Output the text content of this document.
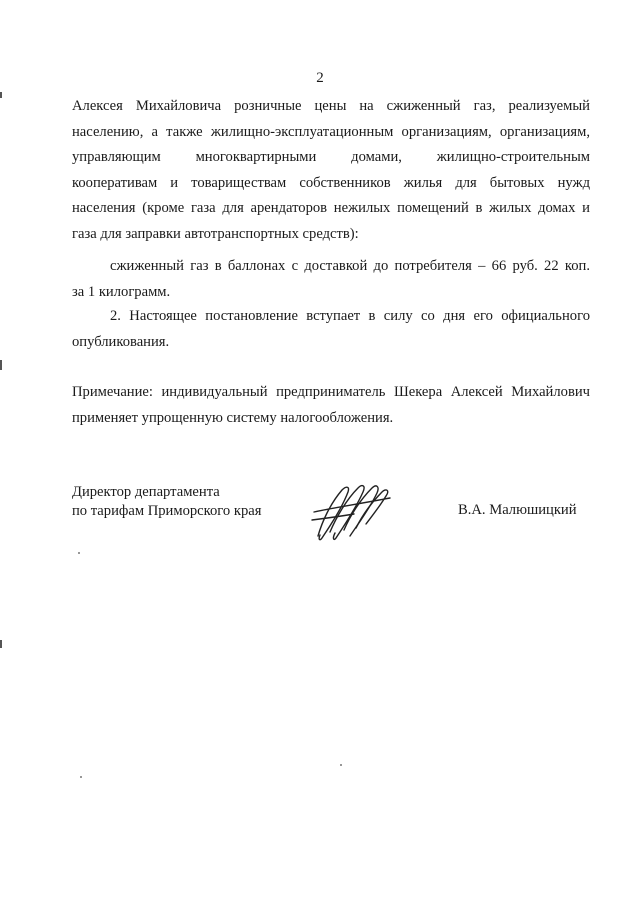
2
Алексея Михайловича розничные цены на сжиженный газ, реализуемый
населению, а также жилищно-эксплуатационным организациям, организациям,
управляющим многоквартирными домами, жилищно-строительным
кооперативам и товариществам собственников жилья для бытовых нужд
населения (кроме газа для арендаторов нежилых помещений в жилых домах и
газа для заправки автотранспортных средств):
сжиженный газ в баллонах с доставкой до потребителя – 66 руб. 22 коп.
за 1 килограмм.
2. Настоящее постановление вступает в силу со дня его официального
опубликования.
Примечание: индивидуальный предприниматель Шекера Алексей Михайлович
применяет упрощенную систему налогообложения.
Директор департамента
по тарифам Приморского края	В.А. Малюшицкий
